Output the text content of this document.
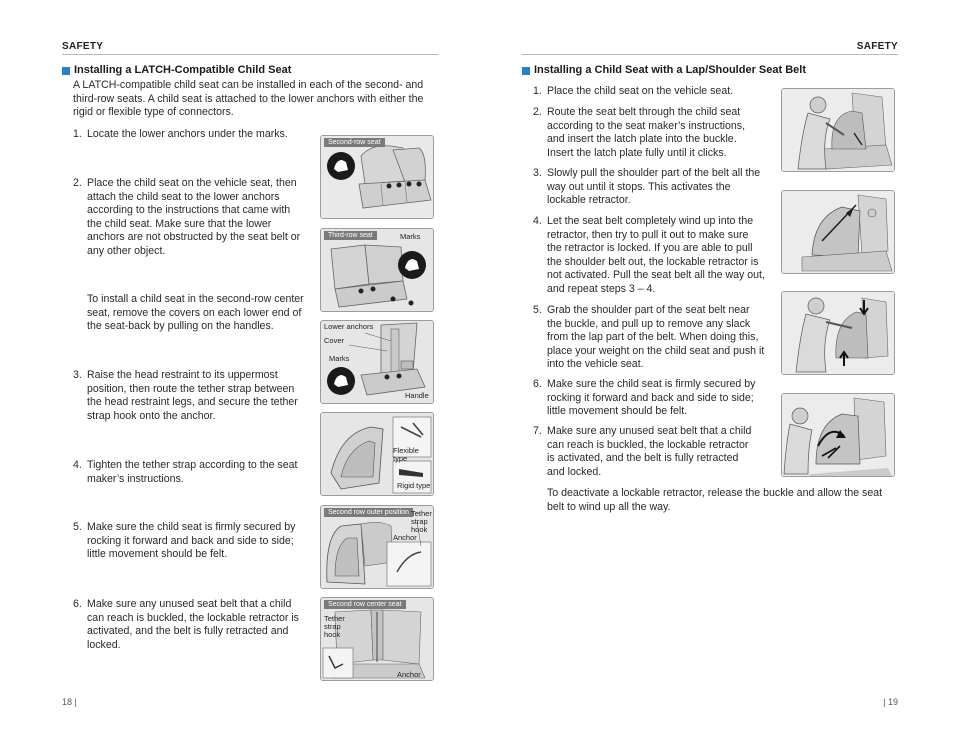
SAFETY	SAFETY
Installing a LATCH-Compatible Child Seat
A LATCH-compatible child seat can be installed in each of the second- and third-row seats. A child seat is attached to the lower anchors with either the rigid or flexible type of connectors.
1. Locate the lower anchors under the marks.
2. Place the child seat on the vehicle seat, then attach the child seat to the lower anchors according to the instructions that came with the child seat. Make sure that the lower anchors are not obstructed by the seat belt or any other object.
To install a child seat in the second-row center seat, remove the covers on each lower end of the seat-back by pulling on the handles.
3. Raise the head restraint to its uppermost position, then route the tether strap between the head restraint legs, and secure the tether strap hook onto the anchor.
4. Tighten the tether strap according to the seat maker’s instructions.
5. Make sure the child seat is firmly secured by rocking it forward and back and side to side; little movement should be felt.
6. Make sure any unused seat belt that a child can reach is buckled, the lockable retractor is activated, and the belt is fully retracted and locked.
Second-row seat
Third-row seat	Marks
Lower anchors
Cover
Marks
Handle
Flexible type
Rigid type
Second row outer position Tether
strap
hook
Anchor
Second row center seat
Tether
strap
hook
Anchor
Installing a Child Seat with a Lap/Shoulder Seat Belt
1. Place the child seat on the vehicle seat.
2. Route the seat belt through the child seat according to the seat maker’s instructions, and insert the latch plate into the buckle. Insert the latch plate fully until it clicks.
3. Slowly pull the shoulder part of the belt all the way out until it stops. This activates the lockable retractor.
4. Let the seat belt completely wind up into the retractor, then try to pull it out to make sure the retractor is locked. If you are able to pull the shoulder belt out, the lockable retractor is not activated. Pull the seat belt all the way out, and repeat steps 3 – 4.
5. Grab the shoulder part of the seat belt near the buckle, and pull up to remove any slack from the lap part of the belt. When doing this, place your weight on the child seat and push it into the vehicle seat.
6. Make sure the child seat is firmly secured by rocking it forward and back and side to side; little movement should be felt.
7. Make sure any unused seat belt that a child can reach is buckled, the lockable retractor is activated, and the belt is fully retracted and locked.
To deactivate a lockable retractor, release the buckle and allow the seat belt to wind up all the way.
18 |	| 19
